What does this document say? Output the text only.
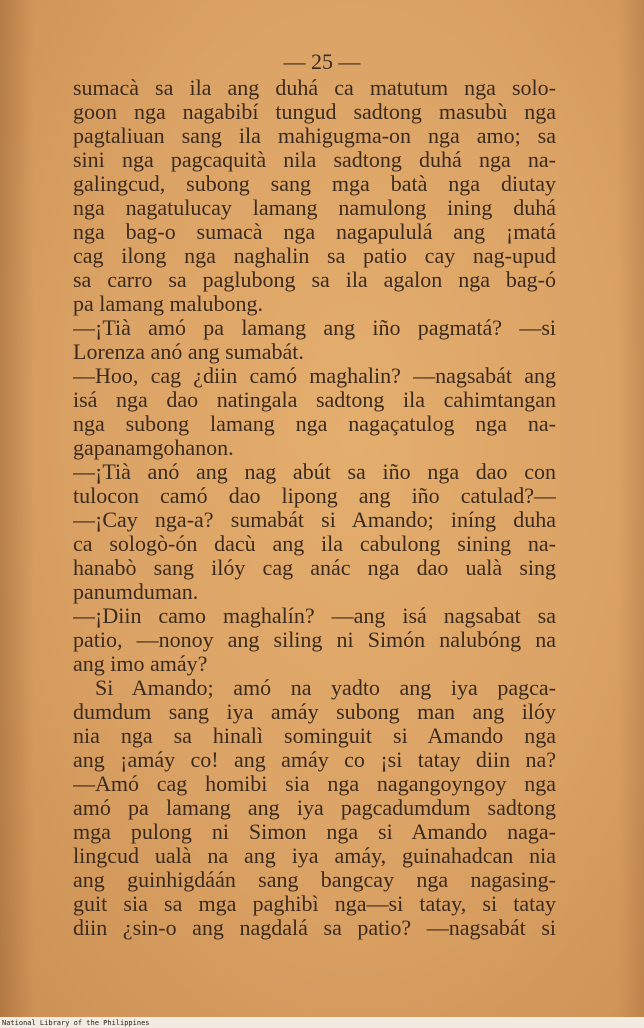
— 25 —
sumacà sa ila ang duhá ca matutum nga solo-
goon nga nagabibí tungud sadtong masubù nga
pagtaliuan sang ila mahigugma-on nga amo; sa
sini nga pagcaquità nila sadtong duhá nga na-
galingcud, subong sang mga batà nga diutay
nga nagatulucay lamang namulong ining duhá
nga bag-o sumacà nga nagapululá ang ¡matá
cag ilong nga naghalin sa patio cay nag-upud
sa carro sa paglubong sa ila agalon nga bag-ó
pa lamang malubong.
—¡Tià amó pa lamang ang iño pagmatá? —si
Lorenza anó ang sumabát.
—Hoo, cag ¿diin camó maghalin? —nagsabát ang
isá nga dao natingala sadtong ila cahimtangan
nga subong lamang nga nagaçatulog nga na-
gapanamgohanon.
—¡Tià anó ang nag abút sa iño nga dao con
tulocon camó dao lipong ang iño catulad?—
—¡Cay nga-a? sumabát si Amando; iníng duha
ca sologò-ón dacù ang ila cabulong sining na-
hanabò sang ilóy cag anác nga dao ualà sing
panumduman.
—¡Diin camo maghalín? —ang isá nagsabat sa
patio, —nonoy ang siling ni Simón nalubóng na
ang imo amáy?
Si Amando; amó na yadto ang iya pagca-
dumdum sang iya amáy subong man ang ilóy
nia nga sa hinalì sominguit si Amando nga
ang ¡amáy co! ang amáy co ¡si tatay diin na?
—Amó cag homibi sia nga nagangoyngoy nga
amó pa lamang ang iya pagcadumdum sadtong
mga pulong ni Simon nga si Amando naga-
lingcud ualà na ang iya amáy, guinahadcan nia
ang guinhigdáán sang bangcay nga nagasing-
guit sia sa mga paghibì nga—si tatay, si tatay
diin ¿sin-o ang nagdalá sa patio? —nagsabát si
National Library of the Philippines
